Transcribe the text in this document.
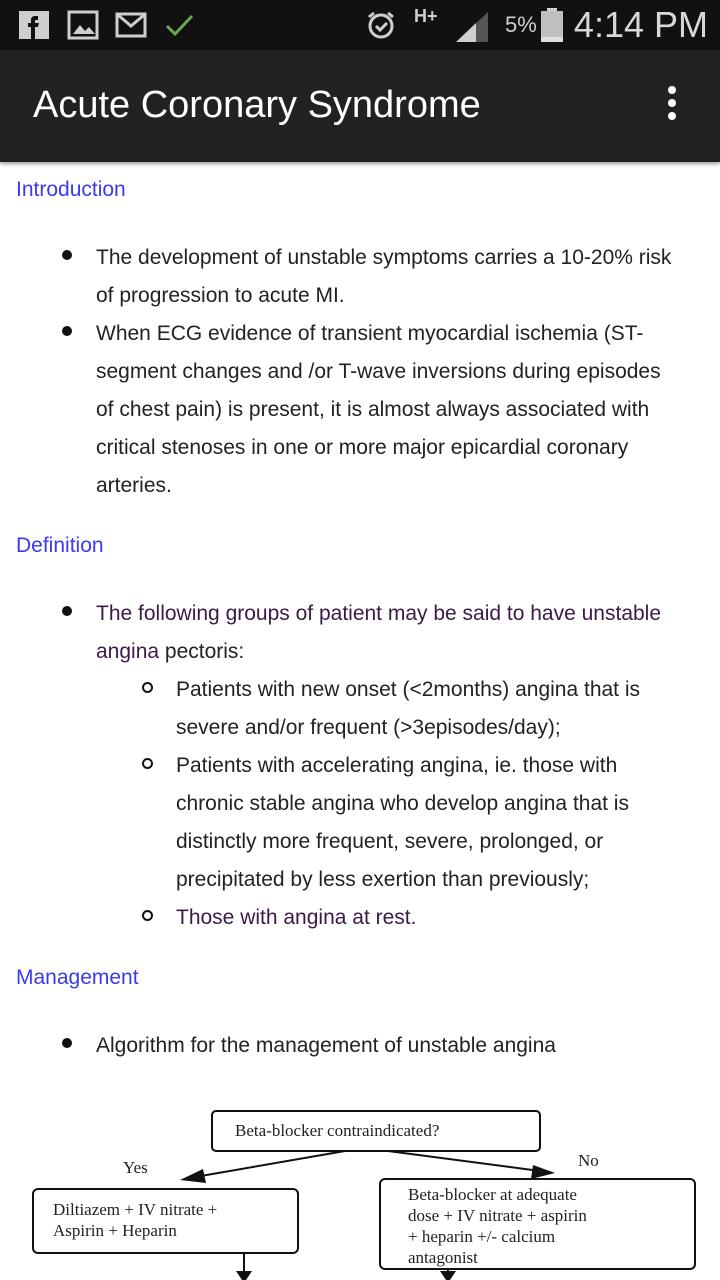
H+	5% 4:14 PM
Acute Coronary Syndrome
Introduction
The development of unstable symptoms carries a 10-20% risk
of progression to acute MI.
When ECG evidence of transient myocardial ischemia (ST-
segment changes and /or T-wave inversions during episodes
of chest pain) is present, it is almost always associated with
critical stenoses in one or more major epicardial coronary
arteries.
Definition
The following groups of patient may be said to have unstable
angina pectoris:
Patients with new onset (<2months) angina that is
severe and/or frequent (>3episodes/day);
Patients with accelerating angina, ie. those with
chronic stable angina who develop angina that is
distinctly more frequent, severe, prolonged, or
precipitated by less exertion than previously;
Those with angina at rest.
Management
Algorithm for the management of unstable angina
Beta-blocker contraindicated?
Yes	No
Diltiazem + IV nitrate +
Aspirin + Heparin
Beta-blocker at adequate
dose + IV nitrate + aspirin
+ heparin +/- calcium
antagonist
